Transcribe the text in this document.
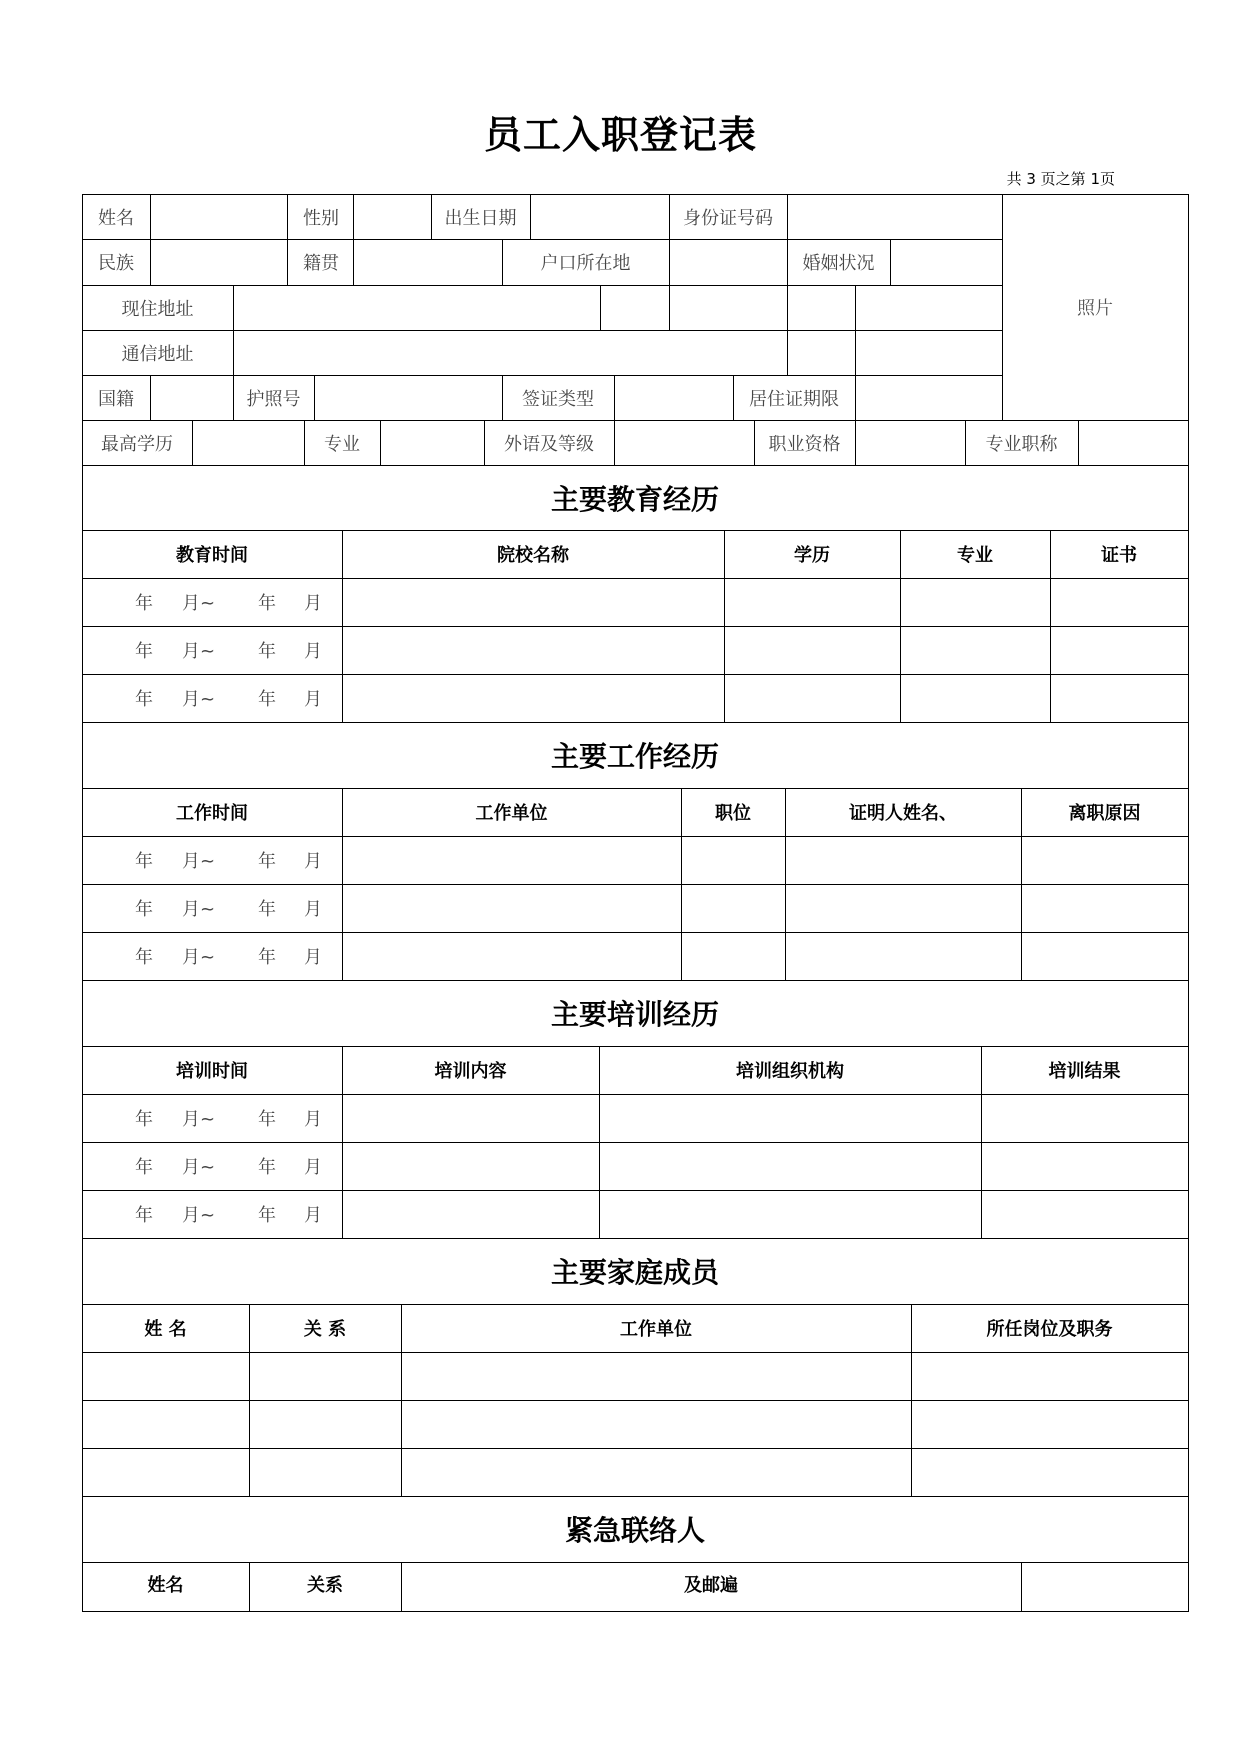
员工入职登记表
共 3 页之第 1页
姓名	性别	出生日期	身份证号码
民族	籍贯	户口所在地	婚姻状况
现住地址
通信地址
国籍	护照号	签证类型	居住证期限
照片
最高学历	专业	外语及等级	职业资格	专业职称
主要教育经历
教育时间	院校名称	学历	专业	证书
年 月~ 年 月
年 月~ 年 月
年 月~ 年 月
主要工作经历
工作时间	工作单位	职位	证明人姓名、	离职原因
年 月~ 年 月
年 月~ 年 月
年 月~ 年 月
主要培训经历
培训时间	培训内容	培训组织机构	培训结果
年 月~ 年 月
年 月~ 年 月
年 月~ 年 月
主要家庭成员
姓 名	关 系	工作单位	所任岗位及职务
紧急联络人
姓名	关系	及邮遍
